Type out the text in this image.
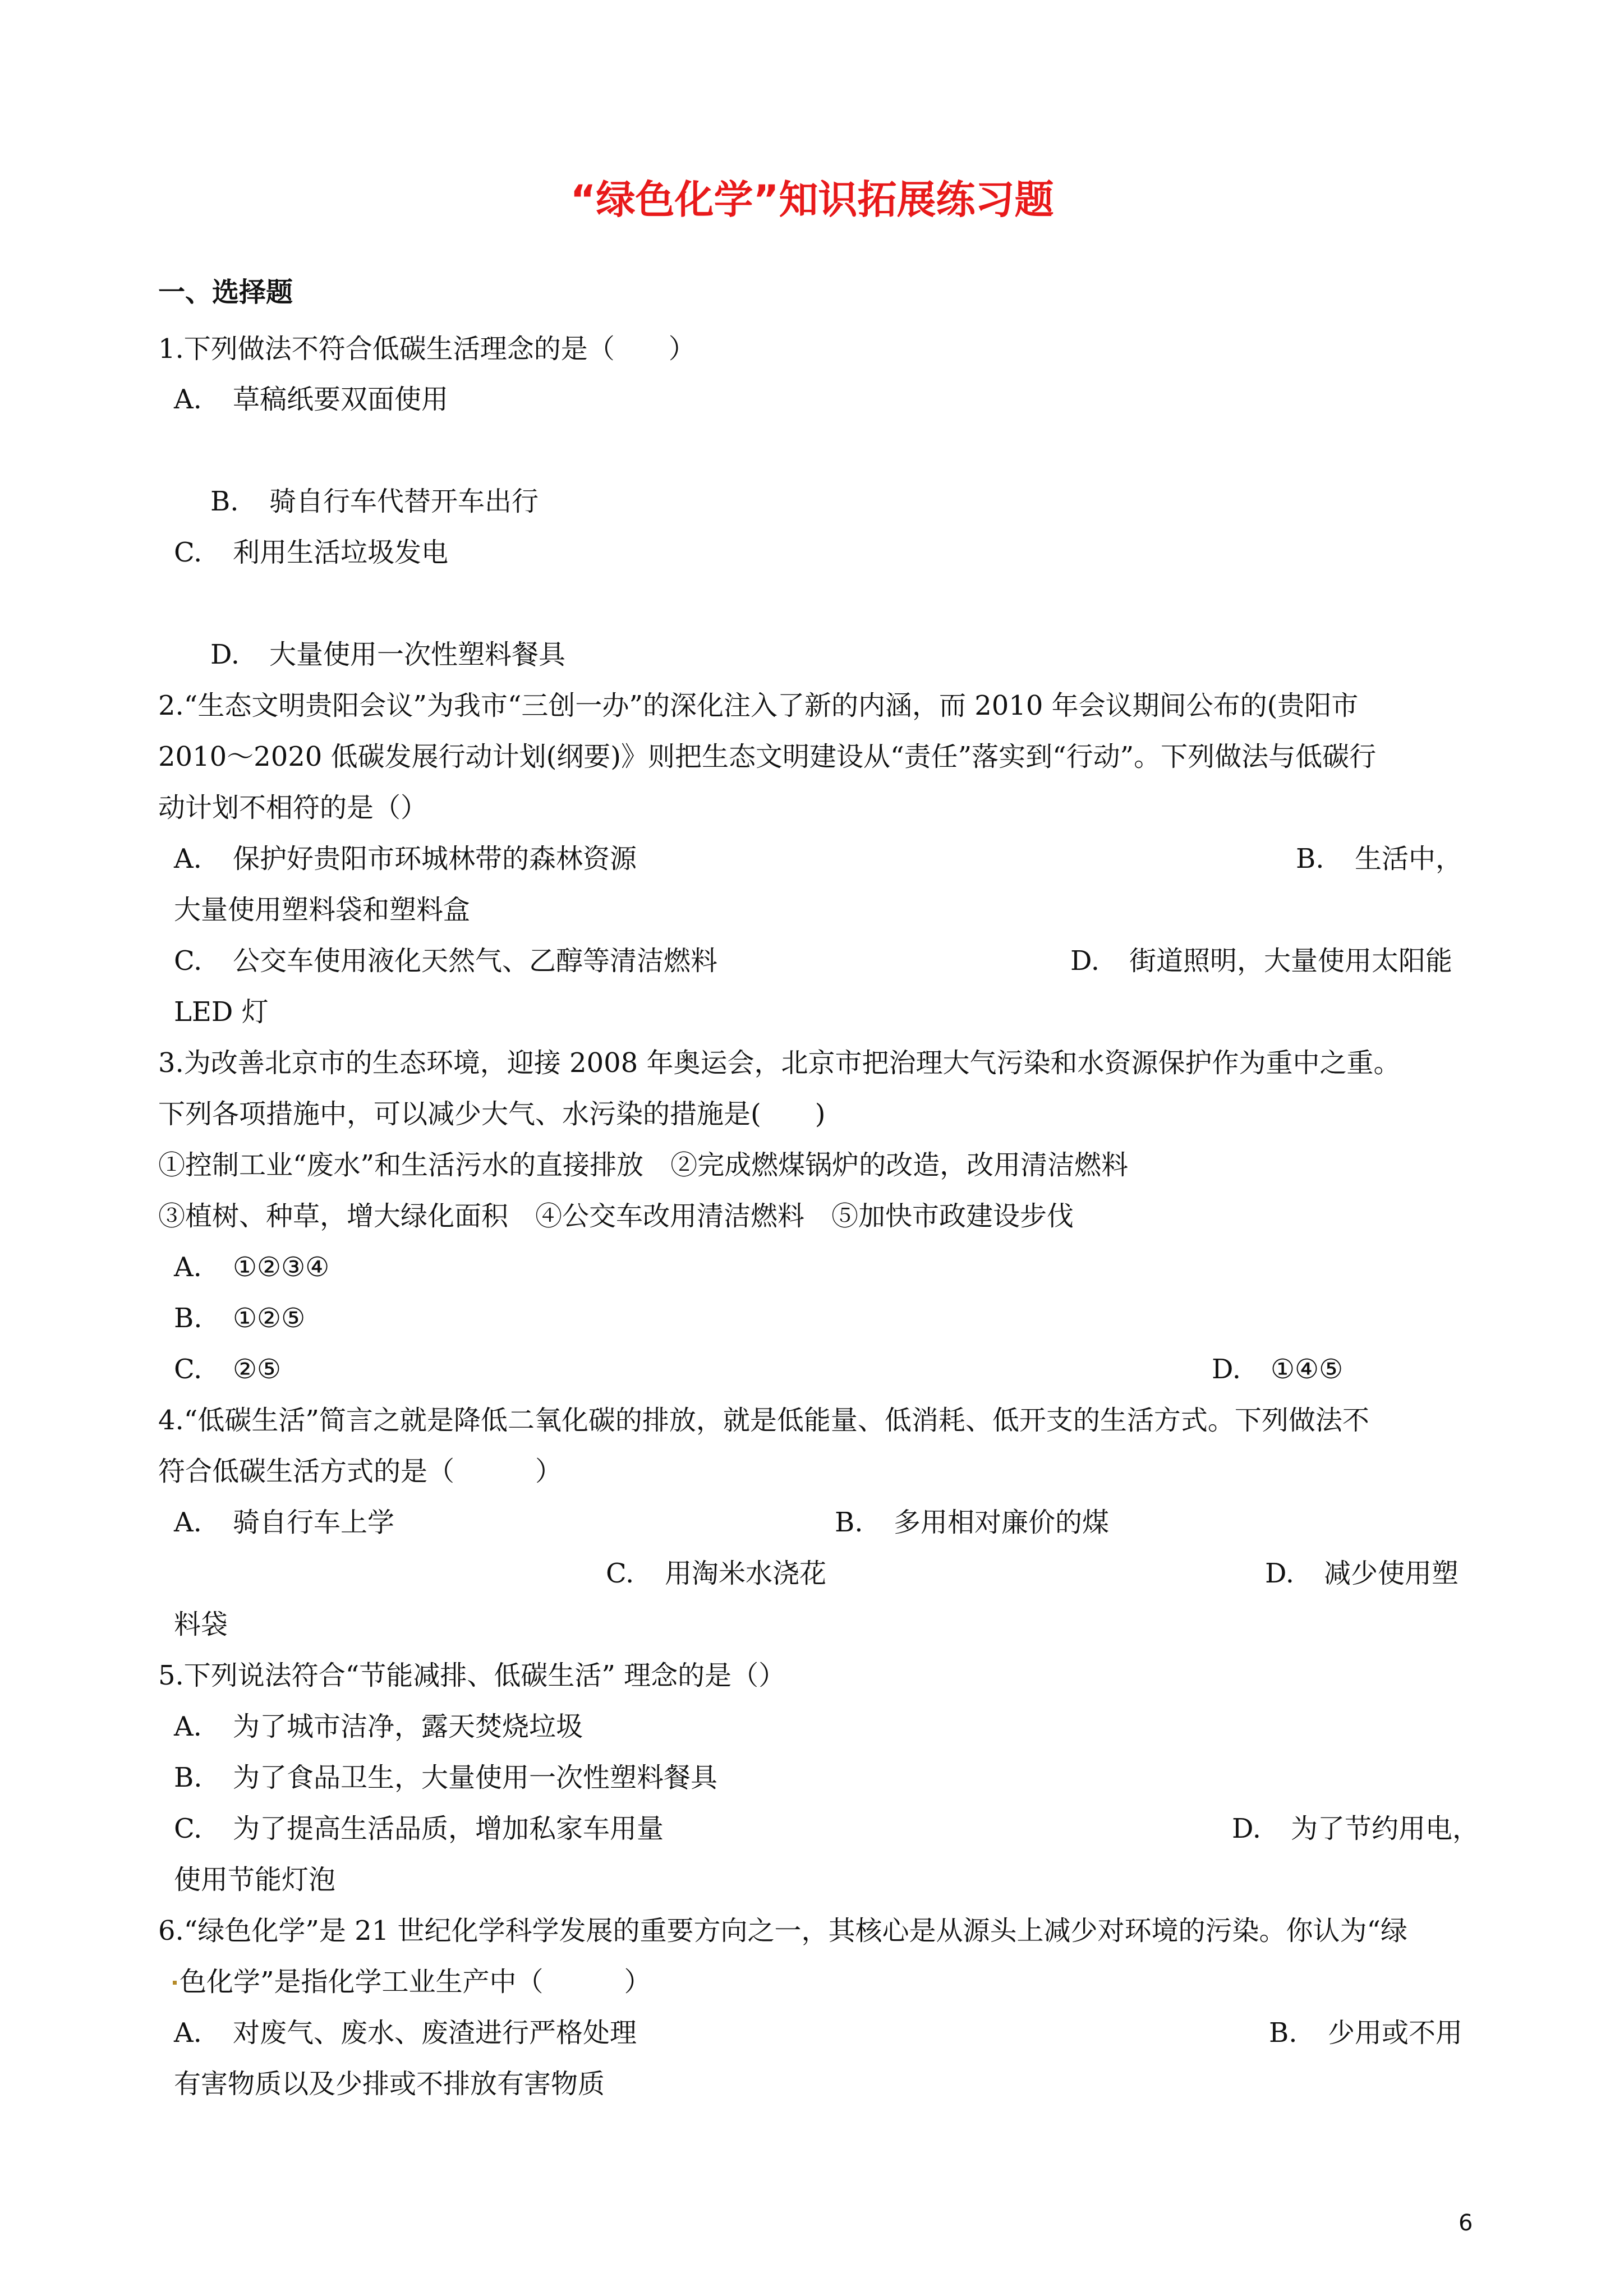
“绿色化学”知识拓展练习题
一、选择题
1.下列做法不符合低碳生活理念的是（　　）
A. 草稿纸要双面使用
B. 骑自行车代替开车出行
C. 利用生活垃圾发电
D. 大量使用一次性塑料餐具
2.“生态文明贵阳会议”为我市“三创一办”的深化注入了新的内涵，而 2010 年会议期间公布的(贵阳市
2010～2020 低碳发展行动计划(纲要)》则把生态文明建设从“责任”落实到“行动”。下列做法与低碳行
动计划不相符的是（）
A. 保护好贵阳市环城林带的森林资源	B. 生活中，
大量使用塑料袋和塑料盒
C. 公交车使用液化天然气、乙醇等清洁燃料	D. 街道照明，大量使用太阳能
LED 灯
3.为改善北京市的生态环境，迎接 2008 年奥运会，北京市把治理大气污染和水资源保护作为重中之重。
下列各项措施中，可以减少大气、水污染的措施是(　　)
①控制工业“废水”和生活污水的直接排放　②完成燃煤锅炉的改造，改用清洁燃料
③植树、种草，增大绿化面积　④公交车改用清洁燃料　⑤加快市政建设步伐
A. ①②③④
B. ①②⑤
C. ②⑤	D. ①④⑤
4.“低碳生活”简言之就是降低二氧化碳的排放，就是低能量、低消耗、低开支的生活方式。下列做法不
符合低碳生活方式的是（　　　）
A. 骑自行车上学	B. 多用相对廉价的煤
C. 用淘米水浇花	D. 减少使用塑
料袋
5.下列说法符合“节能减排、低碳生活” 理念的是（）
A. 为了城市洁净，露天焚烧垃圾
B. 为了食品卫生，大量使用一次性塑料餐具
C. 为了提高生活品质，增加私家车用量	D. 为了节约用电，
使用节能灯泡
6.“绿色化学”是 21 世纪化学科学发展的重要方向之一，其核心是从源头上减少对环境的污染。你认为“绿
色化学”是指化学工业生产中（　　　）
A. 对废气、废水、废渣进行严格处理	B. 少用或不用
有害物质以及少排或不排放有害物质
6
